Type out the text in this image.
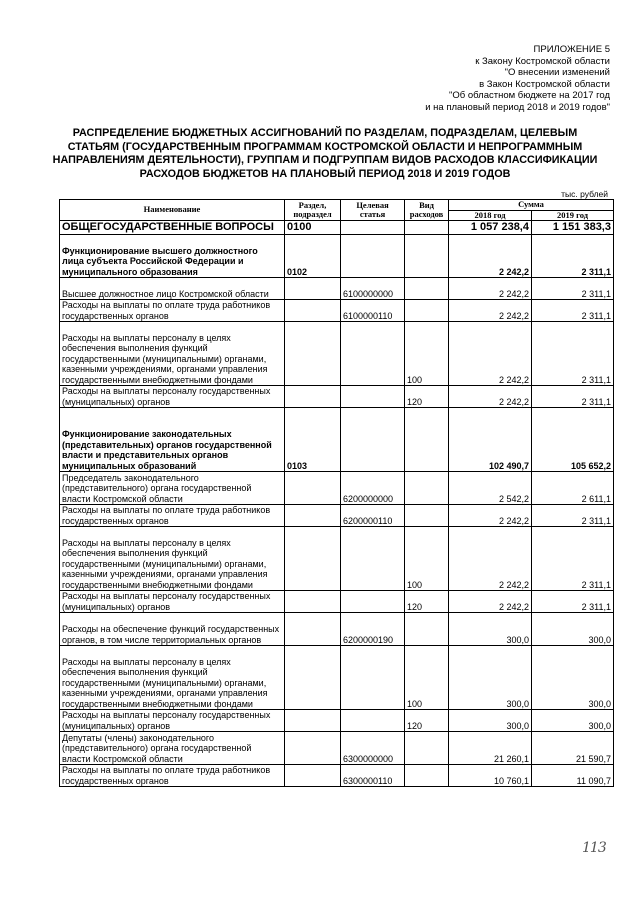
ПРИЛОЖЕНИЕ 5
к Закону Костромской области
"О внесении изменений
в Закон Костромской области
"Об областном бюджете на 2017 год
и на плановый период 2018 и 2019 годов"
РАСПРЕДЕЛЕНИЕ БЮДЖЕТНЫХ АССИГНОВАНИЙ ПО РАЗДЕЛАМ, ПОДРАЗДЕЛАМ, ЦЕЛЕВЫМ
СТАТЬЯМ (ГОСУДАРСТВЕННЫМ ПРОГРАММАМ КОСТРОМСКОЙ ОБЛАСТИ И НЕПРОГРАММНЫМ
НАПРАВЛЕНИЯМ ДЕЯТЕЛЬНОСТИ), ГРУППАМ И ПОДГРУППАМ ВИДОВ РАСХОДОВ КЛАССИФИКАЦИИ
РАСХОДОВ БЮДЖЕТОВ НА ПЛАНОВЫЙ ПЕРИОД 2018 И 2019 ГОДОВ
тыс. рублей
Наименование	Раздел, подраздел	Целевая статья	Вид расходов	Сумма	
				2018 год	2019 год
ОБЩЕГОСУДАРСТВЕННЫЕ ВОПРОСЫ	0100			1 057 238,4	1 151 383,3
Функционирование высшего должностного лица субъекта Российской Федерации и муниципального образования	0102			2 242,2	2 311,1
Высшее должностное лицо Костромской области		6100000000		2 242,2	2 311,1
Расходы на выплаты по оплате труда работников государственных органов		6100000110		2 242,2	2 311,1
Расходы на выплаты персоналу в целях обеспечения выполнения функций государственными (муниципальными) органами, казенными учреждениями, органами управления государственными внебюджетными фондами			100	2 242,2	2 311,1
Расходы на выплаты персоналу государственных (муниципальных) органов			120	2 242,2	2 311,1
Функционирование законодательных (представительных) органов государственной власти и представительных органов муниципальных образований	0103			102 490,7	105 652,2
Председатель законодательного (представительного) органа государственной власти Костромской области		6200000000		2 542,2	2 611,1
Расходы на выплаты по оплате труда работников государственных органов		6200000110		2 242,2	2 311,1
Расходы на выплаты персоналу в целях обеспечения выполнения функций государственными (муниципальными) органами, казенными учреждениями, органами управления государственными внебюджетными фондами			100	2 242,2	2 311,1
Расходы на выплаты персоналу государственных (муниципальных) органов			120	2 242,2	2 311,1
Расходы на обеспечение функций государственных органов, в том числе территориальных органов		6200000190		300,0	300,0
Расходы на выплаты персоналу в целях обеспечения выполнения функций государственными (муниципальными) органами, казенными учреждениями, органами управления государственными внебюджетными фондами			100	300,0	300,0
Расходы на выплаты персоналу государственных (муниципальных) органов			120	300,0	300,0
Депутаты (члены) законодательного (представительного) органа государственной власти Костромской области		6300000000		21 260,1	21 590,7
Расходы на выплаты по оплате труда работников государственных органов		6300000110		10 760,1	11 090,7
113
